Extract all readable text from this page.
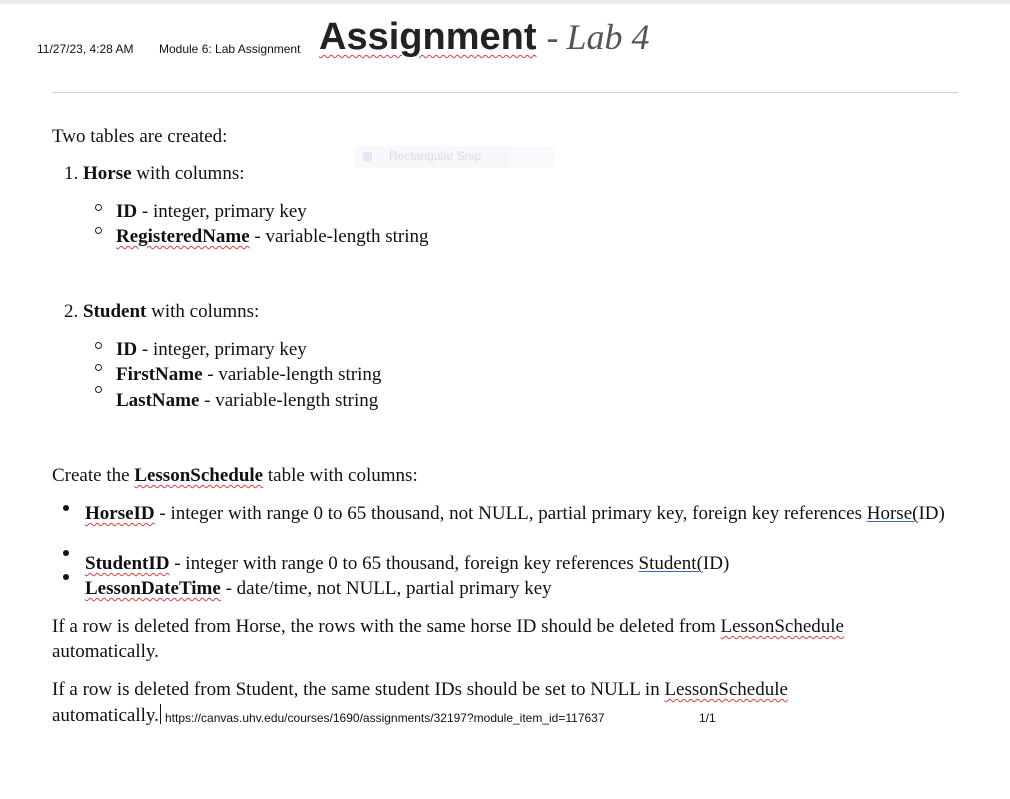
11/27/23, 4:28 AM Module 6: Lab Assignment Assignment - Lab 4
Rectangular Snip
Two tables are created:
1. Horse with columns:
ID - integer, primary key
RegisteredName - variable-length string
2. Student with columns:
ID - integer, primary key
FirstName - variable-length string
LastName - variable-length string
Create the LessonSchedule table with columns:
HorseID - integer with range 0 to 65 thousand, not NULL, partial primary key, foreign key references Horse(ID)
StudentID - integer with range 0 to 65 thousand, foreign key references Student(ID)
LessonDateTime - date/time, not NULL, partial primary key
If a row is deleted from Horse, the rows with the same horse ID should be deleted from LessonSchedule
automatically.
If a row is deleted from Student, the same student IDs should be set to NULL in LessonSchedule
automatically. https://canvas.uhv.edu/courses/1690/assignments/32197?module_item_id=117637	1/1
